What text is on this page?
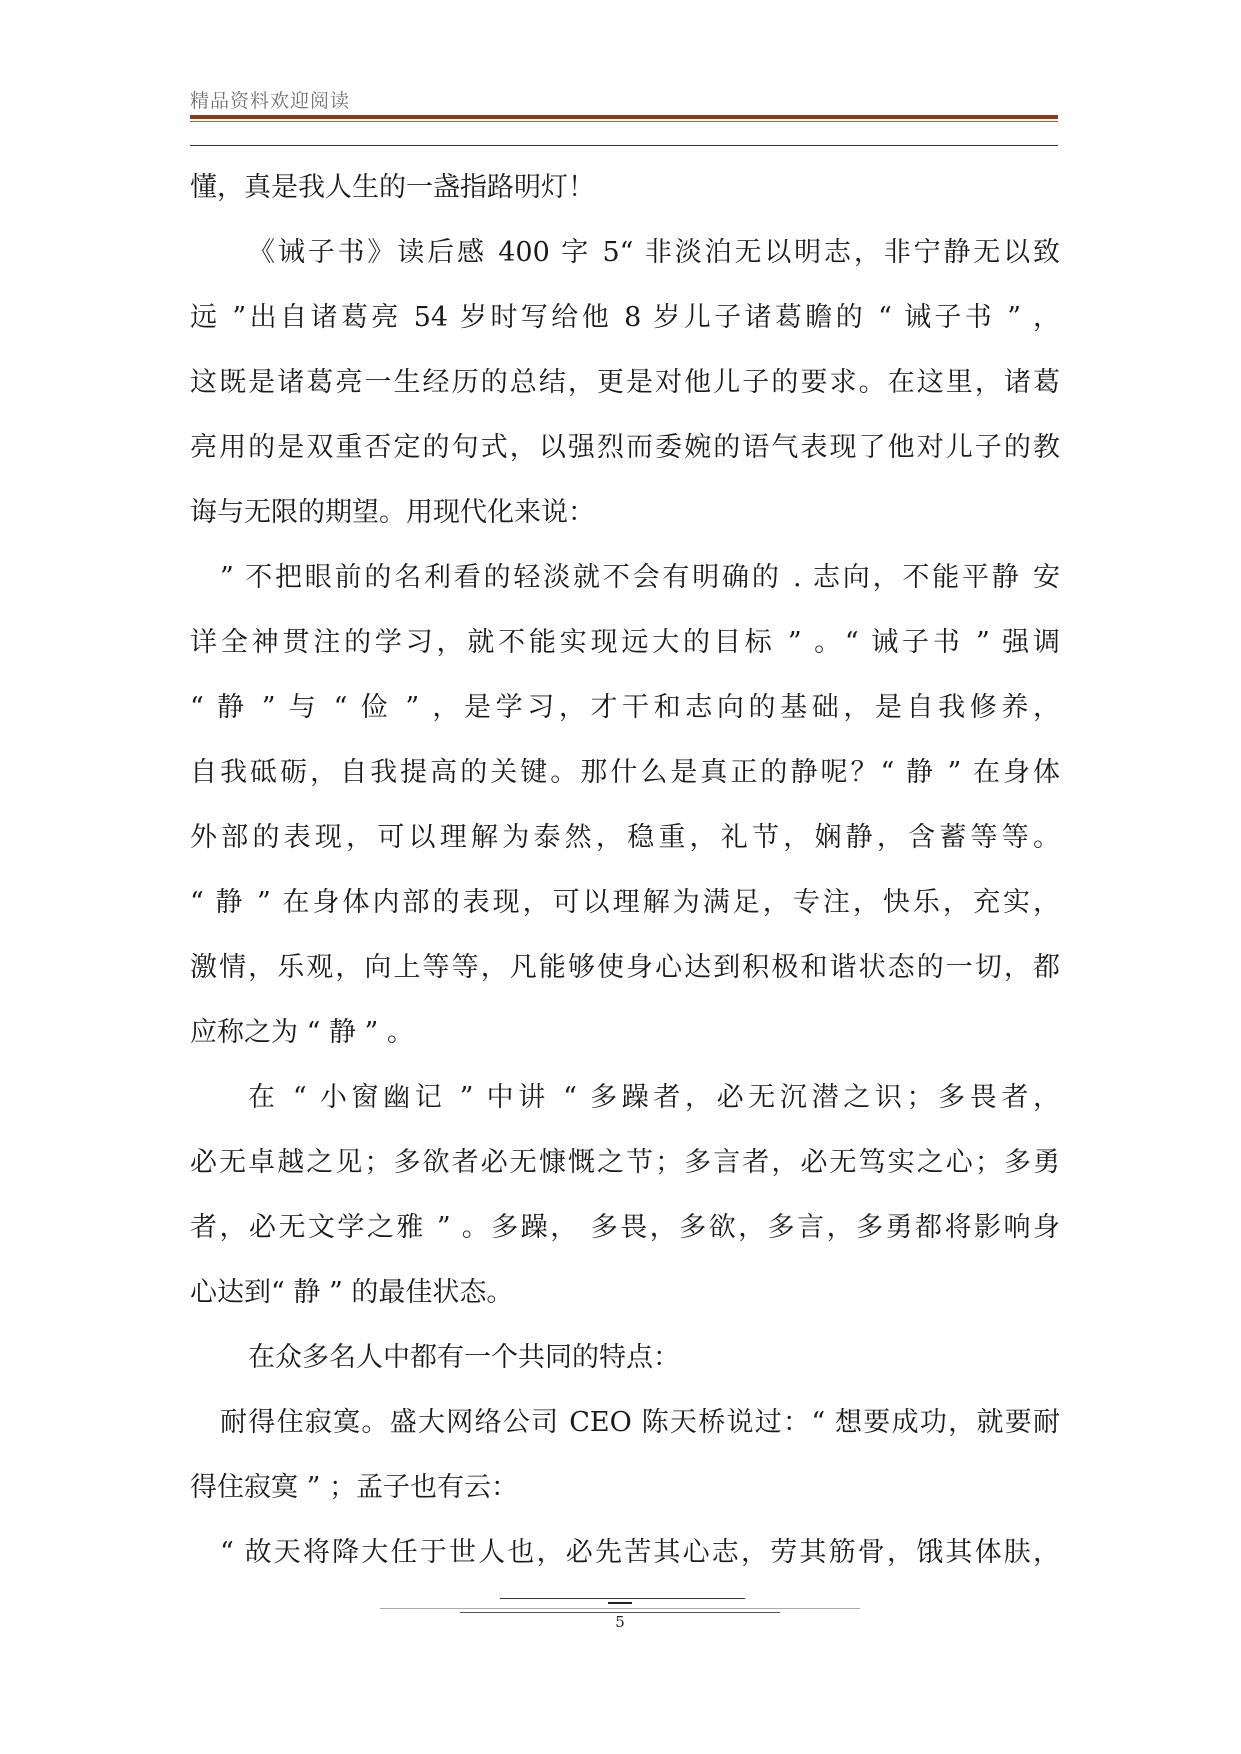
精品资料欢迎阅读
懂，真是我人生的一盏指路明灯！
《诫子书》读后感 400 字 5“ 非淡泊无以明志，非宁静无以致
远 ”出自诸葛亮 54 岁时写给他 8 岁儿子诸葛瞻的 “ 诫子书 ” ，
这既是诸葛亮一生经历的总结，更是对他儿子的要求。在这里，诸葛
亮用的是双重否定的句式，以强烈而委婉的语气表现了他对儿子的教
诲与无限的期望。用现代化来说：
” 不把眼前的名利看的轻淡就不会有明确的 . 志向，不能平静 安
详全神贯注的学习，就不能实现远大的目标 ” 。“ 诫子书 ” 强调
“ 静 ” 与 “ 俭 ” ，是学习，才干和志向的基础，是自我修养，
自我砥砺，自我提高的关键。那什么是真正的静呢？“ 静 ” 在身体
外部的表现，可以理解为泰然，稳重，礼节，娴静，含蓄等等。
“ 静 ” 在身体内部的表现，可以理解为满足，专注，快乐，充实，
激情，乐观，向上等等，凡能够使身心达到积极和谐状态的一切，都
应称之为 “ 静 ” 。
在 “ 小窗幽记 ” 中讲 “ 多躁者，必无沉潜之识；多畏者，
必无卓越之见；多欲者必无慷慨之节；多言者，必无笃实之心；多勇
者，必无文学之雅 ” 。多躁， 多畏，多欲，多言，多勇都将影响身
心达到“ 静 ” 的最佳状态。
在众多名人中都有一个共同的特点：
耐得住寂寞。盛大网络公司 CEO 陈天桥说过：“ 想要成功，就要耐
得住寂寞 ” ；孟子也有云：
“ 故天将降大任于世人也，必先苦其心志，劳其筋骨，饿其体肤，
5
